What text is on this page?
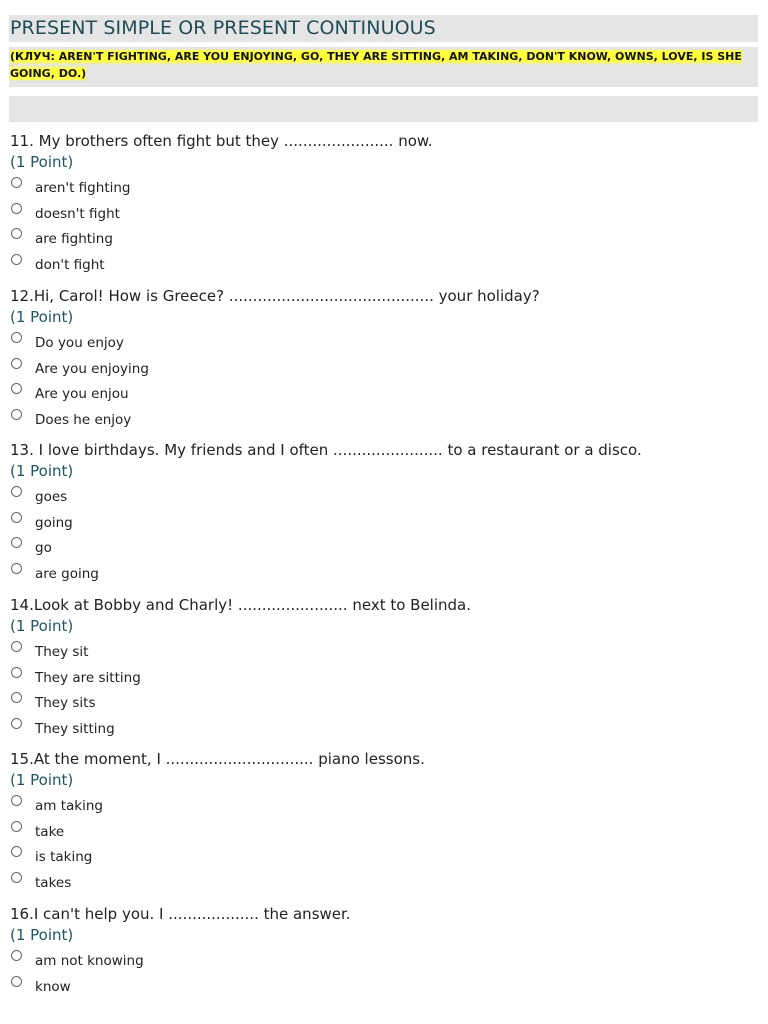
PRESENT SIMPLE OR PRESENT CONTINUOUS
(КЛУЧ: AREN'T FIGHTING, ARE YOU ENJOYING, GO, THEY ARE SITTING, AM TAKING, DON'T KNOW, OWNS, LOVE, IS SHE GOING, DO.)
11. My brothers often fight but they ....................... now.
(1 Point)
aren't fighting
doesn't fight
are fighting
don't fight
12.Hi, Carol! How is Greece? ........................................... your holiday?
(1 Point)
Do you enjoy
Are you enjoying
Are you enjou
Does he enjoy
13. I love birthdays. My friends and I often ....................... to a restaurant or a disco.
(1 Point)
goes
going
go
are going
14.Look at Bobby and Charly! ....................... next to Belinda.
(1 Point)
They sit
They are sitting
They sits
They sitting
15.At the moment, I ............................... piano lessons.
(1 Point)
am taking
take
is taking
takes
16.I can't help you. I ................... the answer.
(1 Point)
am not knowing
know
